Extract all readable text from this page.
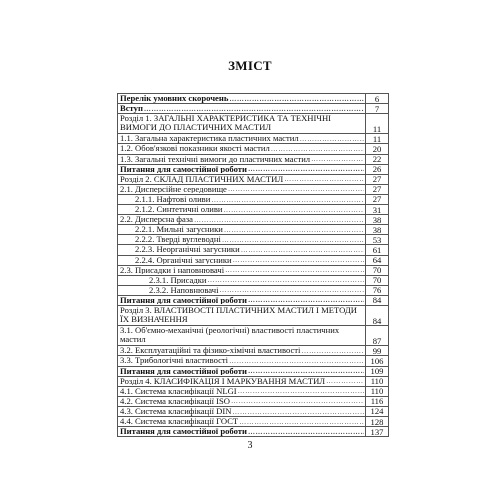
ЗМІСТ
Перелік умовних скорочень
……………………………………………………………………………………………………………………………………………………	6

Вступ
……………………………………………………………………………………………………………………………………………………	7

Розділ 1. ЗАГАЛЬНІ ХАРАКТЕРИСТИКА ТА ТЕХНІЧНІ ВИМОГИ ДО ПЛАСТИЧНИХ МАСТИЛ	11

1.1. Загальна характеристика пластичних мастил
……………………………………………………………………………………………………………………………………………………	11

1.2. Обов'язкові показники якості мастил
……………………………………………………………………………………………………………………………………………………	20

1.3. Загальні технічні вимоги до пластичних мастил
……………………………………………………………………………………………………………………………………………………	22

Питання для самостійної роботи
……………………………………………………………………………………………………………………………………………………	26

Розділ 2. СКЛАД ПЛАСТИЧНИХ МАСТИЛ
……………………………………………………………………………………………………………………………………………………	27

2.1. Дисперсійне середовище
……………………………………………………………………………………………………………………………………………………	27

2.1.1. Нафтові оливи
……………………………………………………………………………………………………………………………………………………	27

2.1.2. Синтетичні оливи
……………………………………………………………………………………………………………………………………………………	31

2.2. Дисперсна фаза
……………………………………………………………………………………………………………………………………………………	38

2.2.1. Мильні загусники
……………………………………………………………………………………………………………………………………………………	38

2.2.2. Тверді вуглеводні
……………………………………………………………………………………………………………………………………………………	53

2.2.3. Неорганічні загусники
……………………………………………………………………………………………………………………………………………………	61

2.2.4. Органічні загусники
……………………………………………………………………………………………………………………………………………………	64

2.3. Присадки і наповнювачі
……………………………………………………………………………………………………………………………………………………	70

2.3.1. Присадки
……………………………………………………………………………………………………………………………………………………	70

2.3.2. Наповнювачі
……………………………………………………………………………………………………………………………………………………	76

Питання для самостійної роботи
……………………………………………………………………………………………………………………………………………………	84

Розділ 3. ВЛАСТИВОСТІ ПЛАСТИЧНИХ МАСТИЛ І МЕТОДИ ЇХ ВИЗНАЧЕННЯ	84

3.1. Об'ємно-механічні (реологічні) властивості пластичних мастил	87

3.2. Експлуатаційні та фізико-хімічні властивості
……………………………………………………………………………………………………………………………………………………	99

3.3. Трибологічні властивості
……………………………………………………………………………………………………………………………………………………	106

Питання для самостійної роботи
……………………………………………………………………………………………………………………………………………………	109

Розділ 4. КЛАСИФІКАЦІЯ І МАРКУВАННЯ МАСТИЛ
……………………………………………………………………………………………………………………………………………………	110

4.1. Система класифікації NLGI
……………………………………………………………………………………………………………………………………………………	110

4.2. Система класифікації ISO
……………………………………………………………………………………………………………………………………………………	116

4.3. Система класифікації DIN
……………………………………………………………………………………………………………………………………………………	124

4.4. Система класифікації ГОСТ
……………………………………………………………………………………………………………………………………………………	128

Питання для самостійної роботи
……………………………………………………………………………………………………………………………………………………	137
3
